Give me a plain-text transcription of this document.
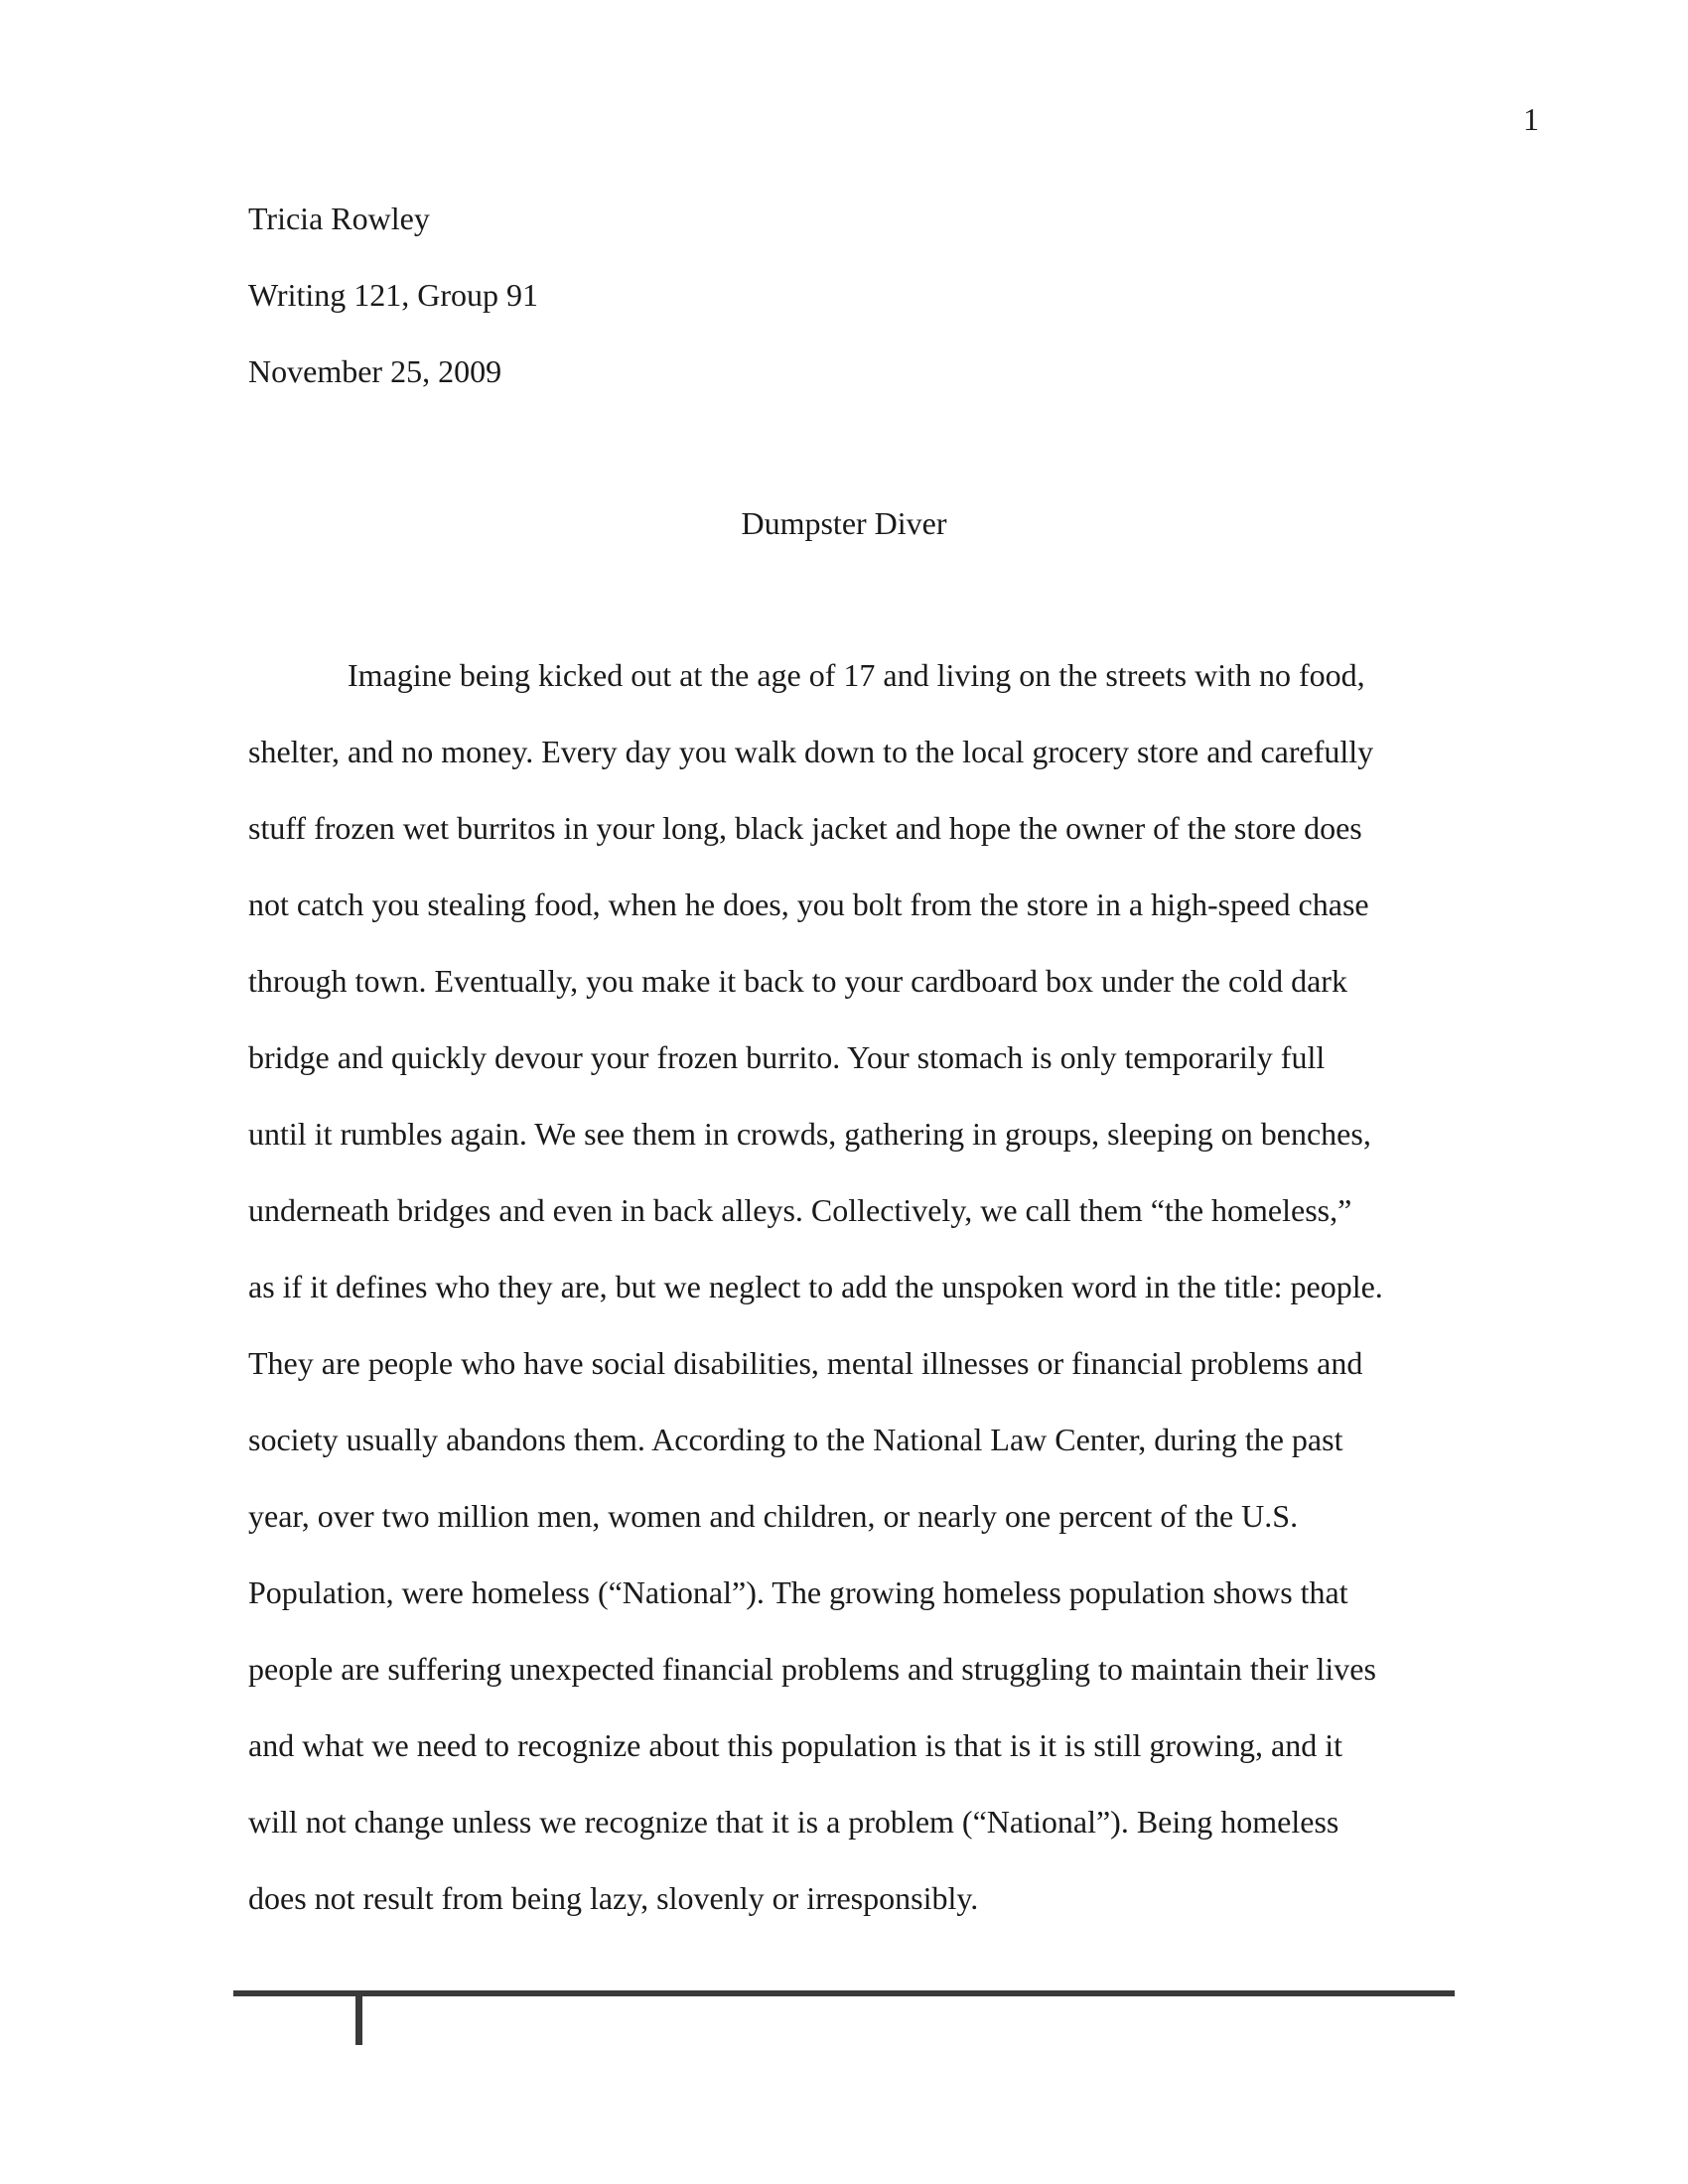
1
Tricia Rowley
Writing 121, Group 91
November 25, 2009
Dumpster Diver
Imagine being kicked out at the age of 17 and living on the streets with no food,
shelter, and no money. Every day you walk down to the local grocery store and carefully
stuff frozen wet burritos in your long, black jacket and hope the owner of the store does
not catch you stealing food, when he does, you bolt from the store in a high-speed chase
through town. Eventually, you make it back to your cardboard box under the cold dark
bridge and quickly devour your frozen burrito. Your stomach is only temporarily full
until it rumbles again. We see them in crowds, gathering in groups, sleeping on benches,
underneath bridges and even in back alleys. Collectively, we call them “the homeless,”
as if it defines who they are, but we neglect to add the unspoken word in the title: people.
They are people who have social disabilities, mental illnesses or financial problems and
society usually abandons them. According to the National Law Center, during the past
year, over two million men, women and children, or nearly one percent of the U.S.
Population, were homeless (“National”). The growing homeless population shows that
people are suffering unexpected financial problems and struggling to maintain their lives
and what we need to recognize about this population is that is it is still growing, and it
will not change unless we recognize that it is a problem (“National”). Being homeless
does not result from being lazy, slovenly or irresponsibly.
